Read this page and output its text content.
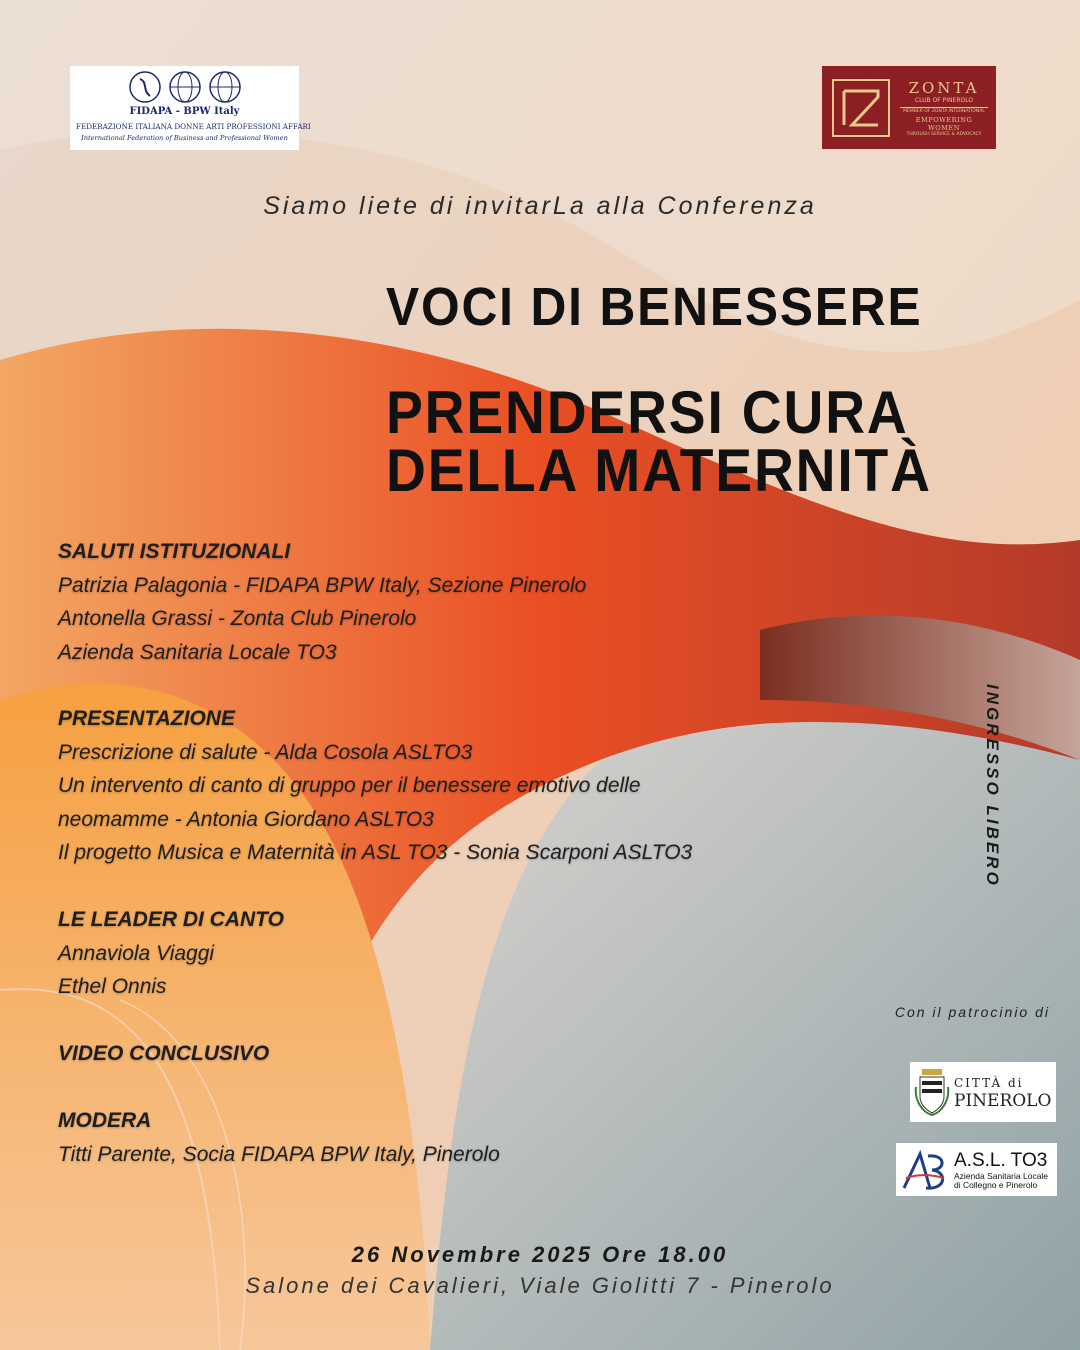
FIDAPA - BPW Italy
FEDERAZIONE ITALIANA DONNE ARTI PROFESSIONI AFFARI
International Federation of Business and Professional Women
ZONTA
CLUB OF PINEROLO
MEMBER OF ZONTA INTERNATIONAL
EMPOWERING WOMEN
THROUGH SERVICE & ADVOCACY
Siamo liete di invitarLa alla Conferenza
VOCI DI BENESSERE
PRENDERSI CURA
DELLA MATERNITÀ
SALUTI ISTITUZIONALI
Patrizia Palagonia - FIDAPA BPW Italy, Sezione Pinerolo
Antonella Grassi - Zonta Club Pinerolo
Azienda Sanitaria Locale TO3
PRESENTAZIONE
Prescrizione di salute - Alda Cosola ASLTO3
Un intervento di canto di gruppo per il benessere emotivo delle
neomamme - Antonia Giordano ASLTO3
Il progetto Musica e Maternità in ASL TO3 - Sonia Scarponi ASLTO3
LE LEADER DI CANTO
Annaviola Viaggi
Ethel Onnis
VIDEO CONCLUSIVO
MODERA
Titti Parente, Socia FIDAPA BPW Italy, Pinerolo
INGRESSO LIBERO
Con il patrocinio di
CITTÀ di
PINEROLO
A.S.L. TO3
Azienda Sanitaria Locale
di Collegno e Pinerolo
26 Novembre 2025 Ore 18.00
Salone dei Cavalieri, Viale Giolitti 7 - Pinerolo
